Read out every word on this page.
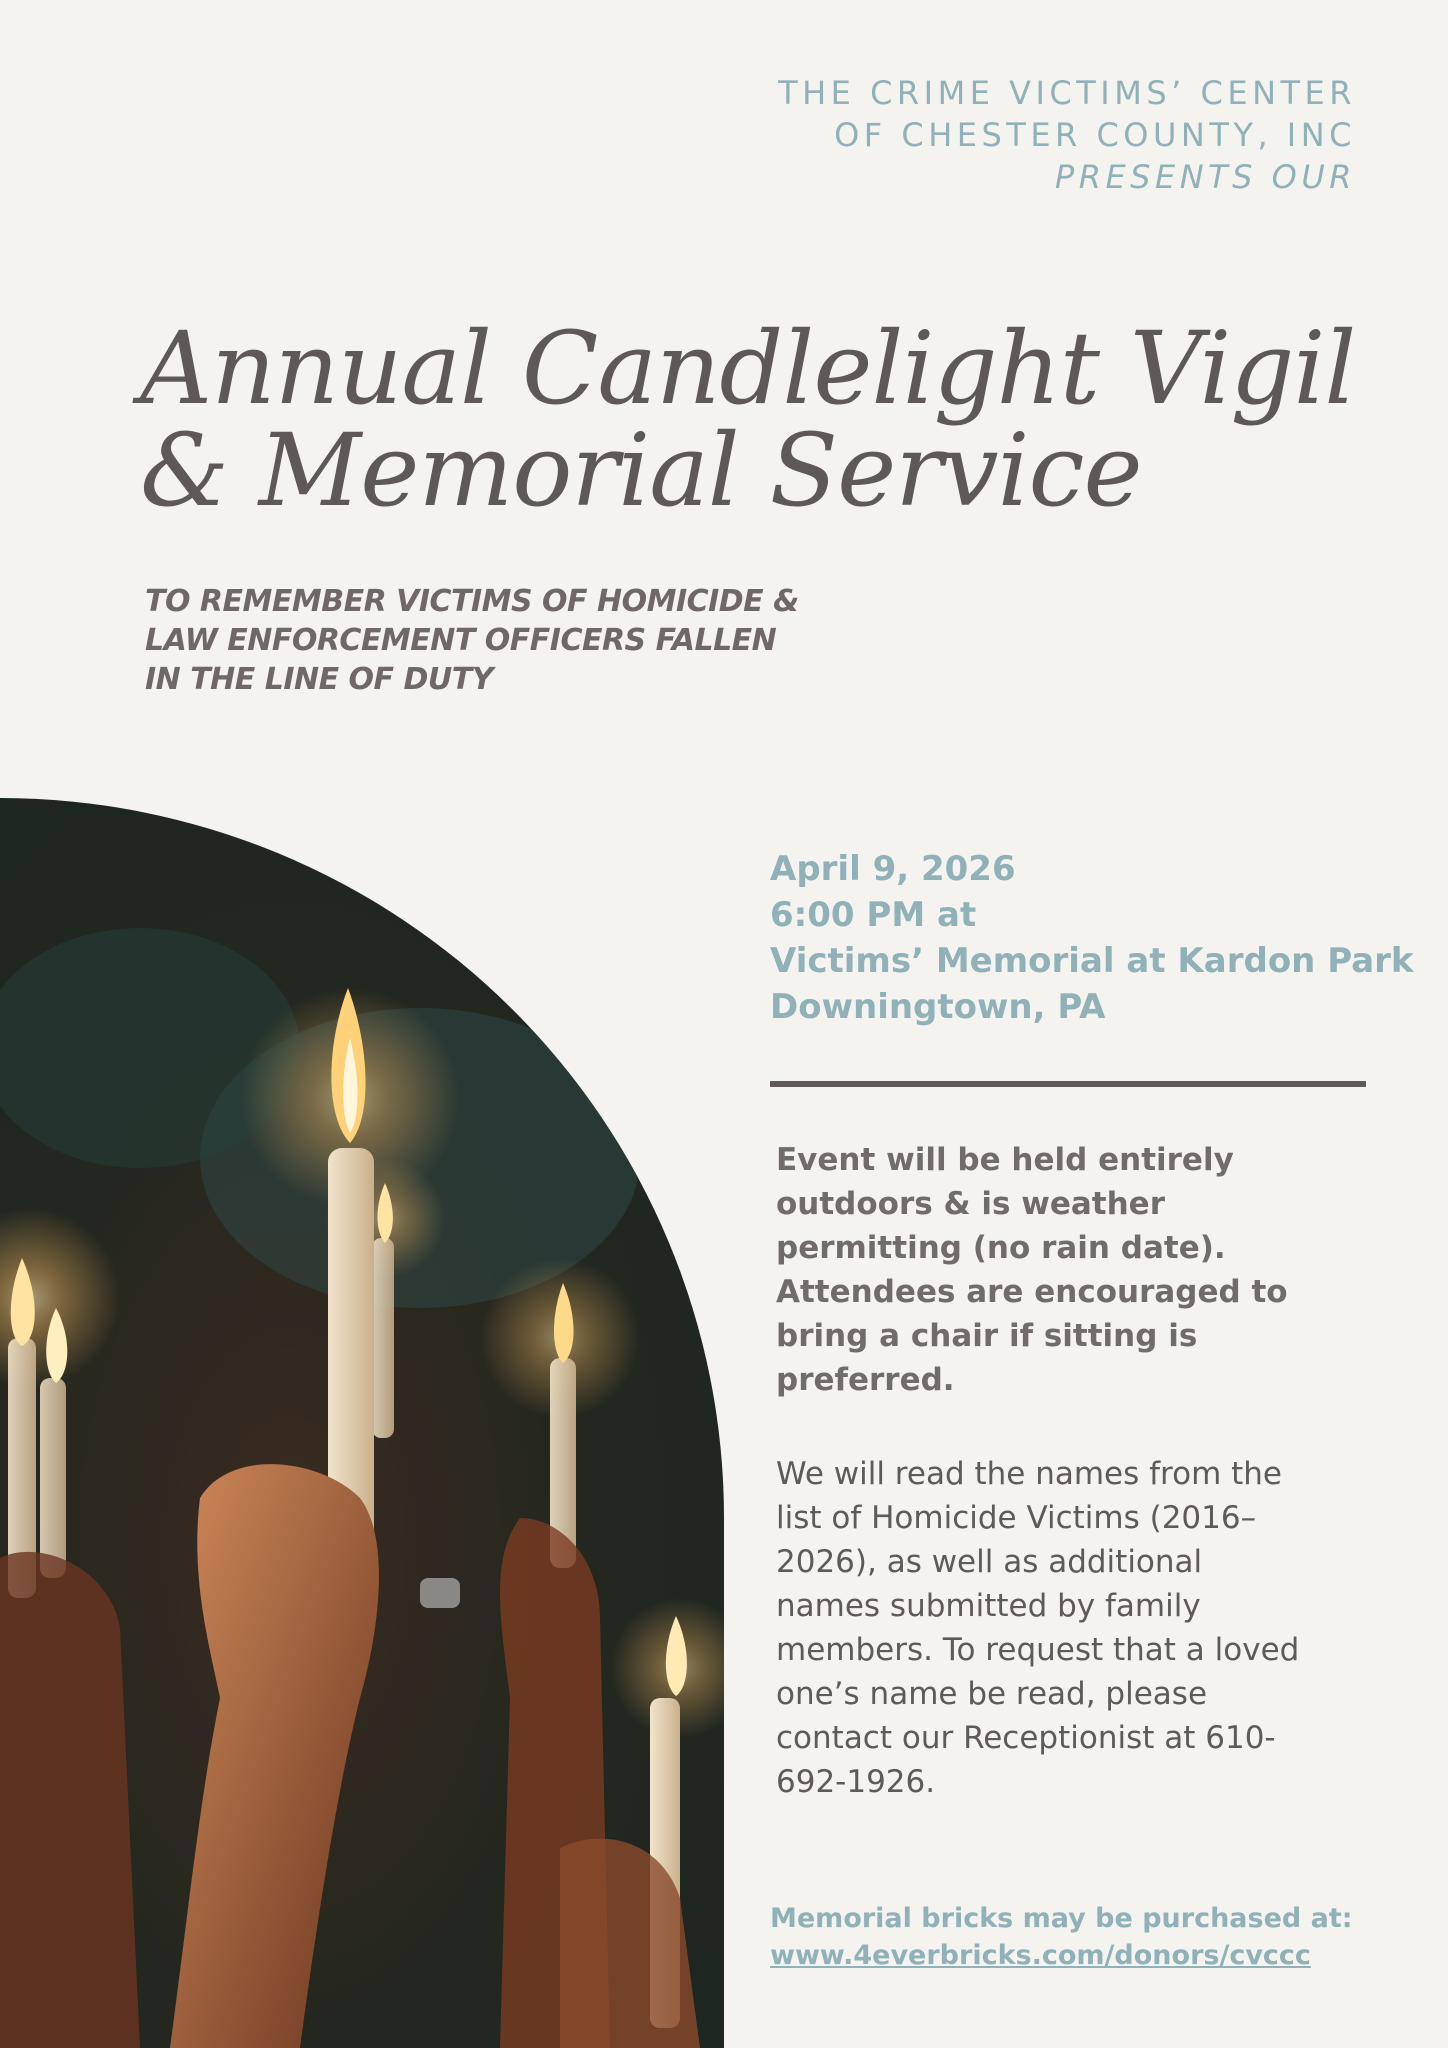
THE CRIME VICTIMS’ CENTER
OF CHESTER COUNTY, INC
PRESENTS OUR
Annual Candlelight Vigil
& Memorial Service
TO REMEMBER VICTIMS OF HOMICIDE &
LAW ENFORCEMENT OFFICERS FALLEN
IN THE LINE OF DUTY
April 9, 2026
6:00 PM at
Victims’ Memorial at Kardon Park
Downingtown, PA
Event will be held entirely outdoors & is weather permitting (no rain date). Attendees are encouraged to bring a chair if sitting is preferred.
We will read the names from the list of Homicide Victims (2016–2026), as well as additional names submitted by family members. To request that a loved one’s name be read, please contact our Receptionist at 610-692-1926.
Memorial bricks may be purchased at:
www.4everbricks.com/donors/cvccc
